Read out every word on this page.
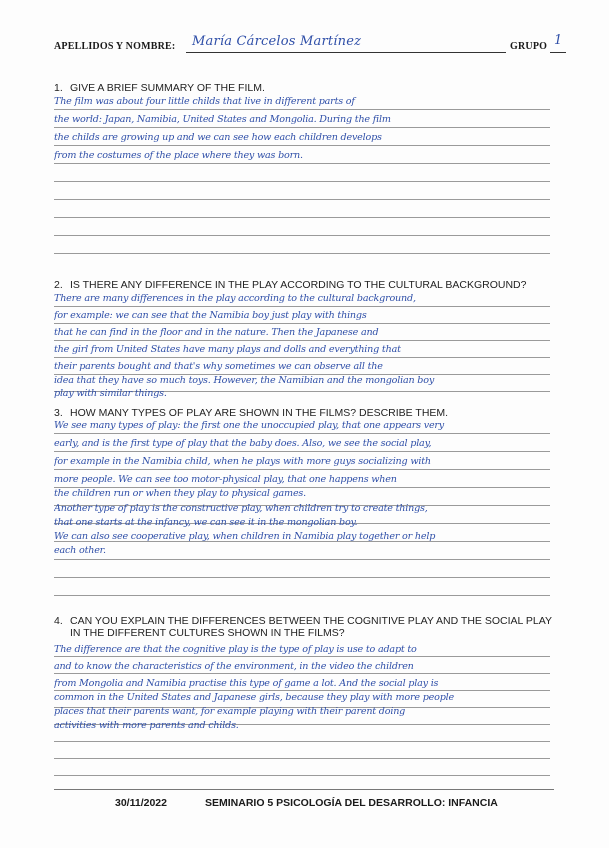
APELLIDOS Y NOMBRE: María Cárcelos Martínez	GRUPO 1
1. GIVE A BRIEF SUMMARY OF THE FILM.
The film was about four little childs that live in different parts of
the world: Japan, Namibia, United States and Mongolia. During the film
the childs are growing up and we can see how each children develops
from the costumes of the place where they was born.
2. IS THERE ANY DIFFERENCE IN THE PLAY ACCORDING TO THE CULTURAL BACKGROUND?
There are many differences in the play according to the cultural background,
for example: we can see that the Namibia boy just play with things
that he can find in the floor and in the nature. Then the Japanese and
the girl from United States have many plays and dolls and everything that
their parents bought and that's why sometimes we can observe all the
idea that they have so much toys. However, the Namibian and the mongolian boy
play with similar things.
3. HOW MANY TYPES OF PLAY ARE SHOWN IN THE FILMS? DESCRIBE THEM.
We see many types of play: the first one the unoccupied play, that one appears very
early, and is the first type of play that the baby does. Also, we see the social play,
for example in the Namibia child, when he plays with more guys socializing with
more people. We can see too motor-physical play, that one happens when
the children run or when they play to physical games.
Another type of play is the constructive play, when children try to create things,
that one starts at the infancy, we can see it in the mongolian boy.
We can also see cooperative play, when children in Namibia play together or help
each other.
4. CAN YOU EXPLAIN THE DIFFERENCES BETWEEN THE COGNITIVE PLAY AND THE SOCIAL PLAY
IN THE DIFFERENT CULTURES SHOWN IN THE FILMS?
The difference are that the cognitive play is the type of play is use to adapt to
and to know the characteristics of the environment, in the video the children
from Mongolia and Namibia practise this type of game a lot. And the social play is
common in the United States and Japanese girls, because they play with more people
places that their parents want, for example playing with their parent doing
activities with more parents and childs.
30/11/2022	SEMINARIO 5 PSICOLOGÍA DEL DESARROLLO: INFANCIA
